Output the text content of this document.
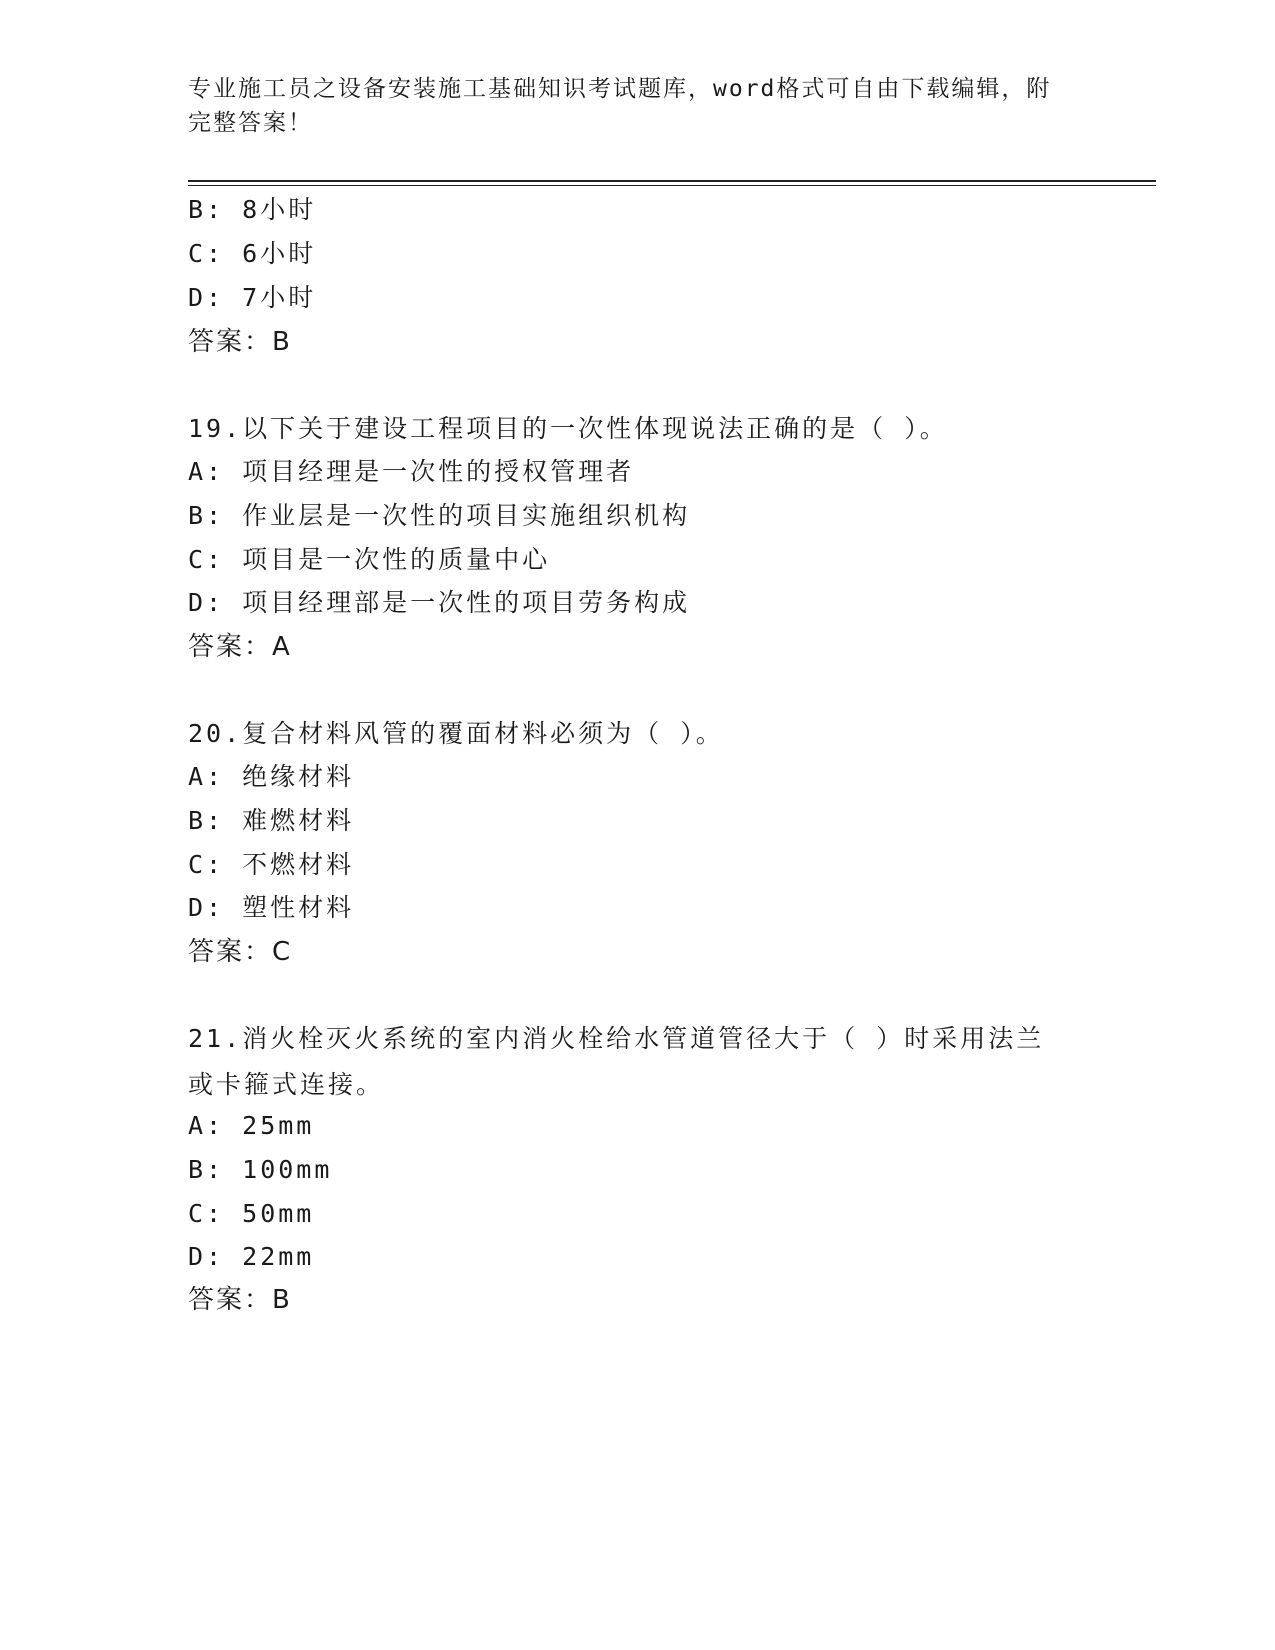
专业施工员之设备安装施工基础知识考试题库，word格式可自由下载编辑，附完整答案！
B: 8小时
C: 6小时
D: 7小时
答案：B
19.以下关于建设工程项目的一次性体现说法正确的是（ ）。
A: 项目经理是一次性的授权管理者
B: 作业层是一次性的项目实施组织机构
C: 项目是一次性的质量中心
D: 项目经理部是一次性的项目劳务构成
答案：A
20.复合材料风管的覆面材料必须为（ ）。
A: 绝缘材料
B: 难燃材料
C: 不燃材料
D: 塑性材料
答案：C
21.消火栓灭火系统的室内消火栓给水管道管径大于（ ）时采用法兰或卡箍式连接。
A: 25mm
B: 100mm
C: 50mm
D: 22mm
答案：B
